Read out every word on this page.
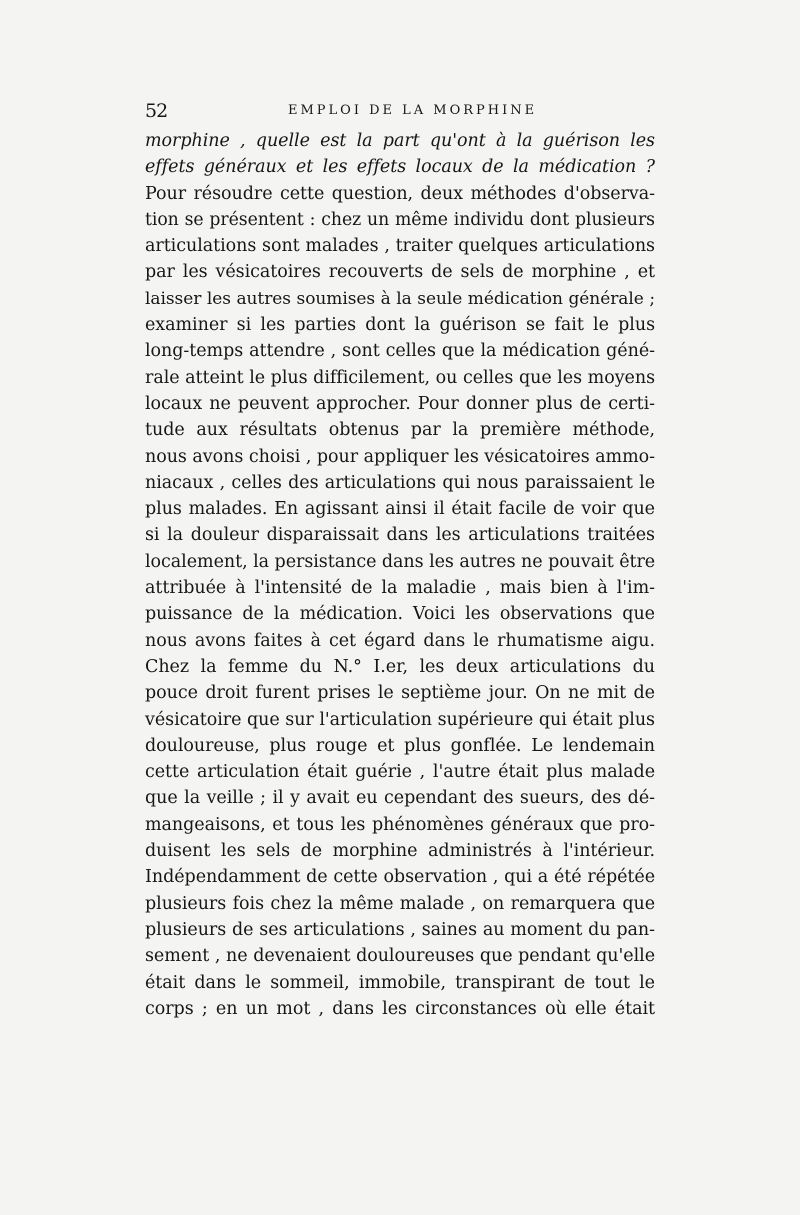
52	EMPLOI DE LA MORPHINE
morphine , quelle est la part qu'ont à la guérison les
effets généraux et les effets locaux de la médication ?
Pour résoudre cette question, deux méthodes d'observa-
tion se présentent : chez un même individu dont plusieurs
articulations sont malades , traiter quelques articulations
par les vésicatoires recouverts de sels de morphine , et
laisser les autres soumises à la seule médication générale ;
examiner si les parties dont la guérison se fait le plus
long-temps attendre , sont celles que la médication géné-
rale atteint le plus difficilement, ou celles que les moyens
locaux ne peuvent approcher. Pour donner plus de certi-
tude aux résultats obtenus par la première méthode,
nous avons choisi , pour appliquer les vésicatoires ammo-
niacaux , celles des articulations qui nous paraissaient le
plus malades. En agissant ainsi il était facile de voir que
si la douleur disparaissait dans les articulations traitées
localement, la persistance dans les autres ne pouvait être
attribuée à l'intensité de la maladie , mais bien à l'im-
puissance de la médication. Voici les observations que
nous avons faites à cet égard dans le rhumatisme aigu.
Chez la femme du N.° I.er, les deux articulations du
pouce droit furent prises le septième jour. On ne mit de
vésicatoire que sur l'articulation supérieure qui était plus
douloureuse, plus rouge et plus gonflée. Le lendemain
cette articulation était guérie , l'autre était plus malade
que la veille ; il y avait eu cependant des sueurs, des dé-
mangeaisons, et tous les phénomènes généraux que pro-
duisent les sels de morphine administrés à l'intérieur.
Indépendamment de cette observation , qui a été répétée
plusieurs fois chez la même malade , on remarquera que
plusieurs de ses articulations , saines au moment du pan-
sement , ne devenaient douloureuses que pendant qu'elle
était dans le sommeil, immobile, transpirant de tout le
corps ; en un mot , dans les circonstances où elle était
